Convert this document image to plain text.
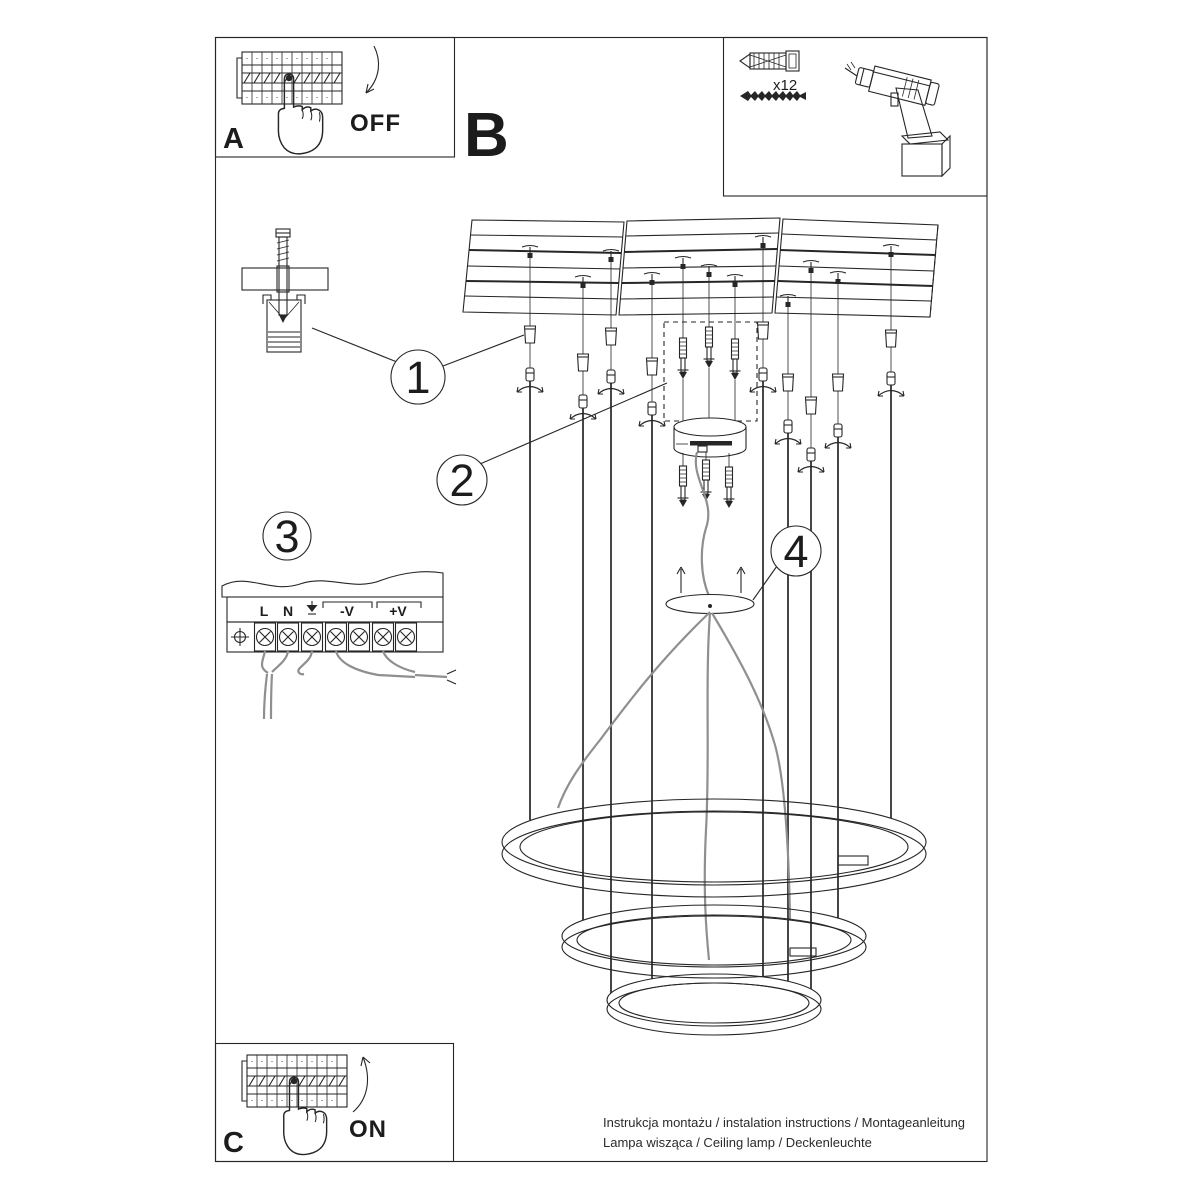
A	OFF B
x12
L N	-V	+V
1
2
3	4
C	ON	Instrukcja montażu / instalation instructions / Montageanleitung
Lampa wisząca / Ceiling lamp / Deckenleuchte
